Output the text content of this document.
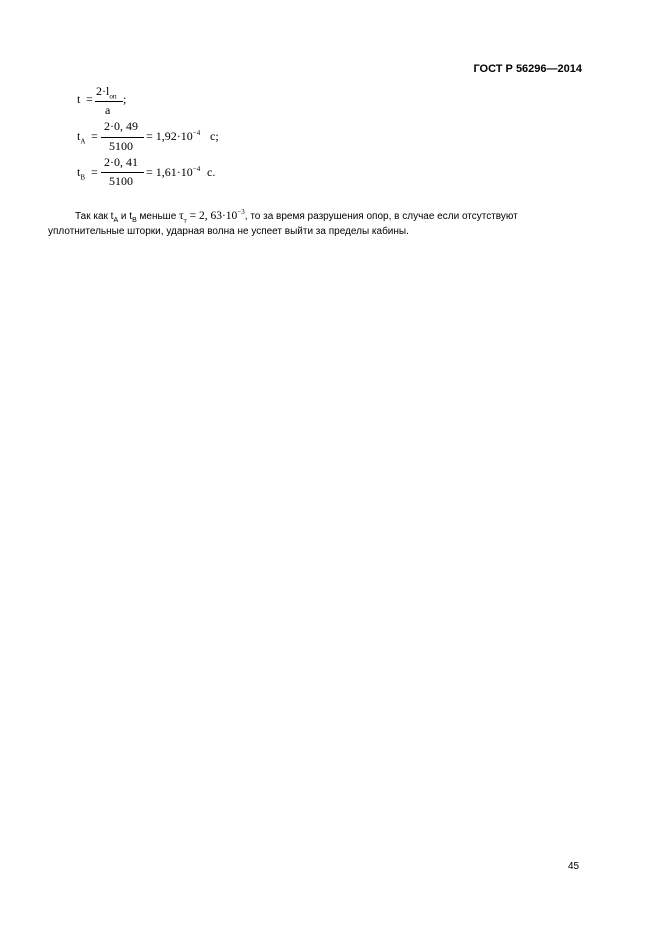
ГОСТ Р 56296—2014
t =
$2\cdot l_{оп}$
a
;
$t_A$ =
2·0, 49
5100
= $1,92\cdot 10^{-4}$ c;
$t_B$ =
2·0, 41
5100
= $1,61\cdot 10^{-4}$ c.
Так как $t_A$ и $t_B$ меньше $\tau_т = 2$, $63\cdot 10^{-3}$, то за время разрушения опор, в случае если отсутствуют
уплотнительные шторки, ударная волна не успеет выйти за пределы кабины.
45
